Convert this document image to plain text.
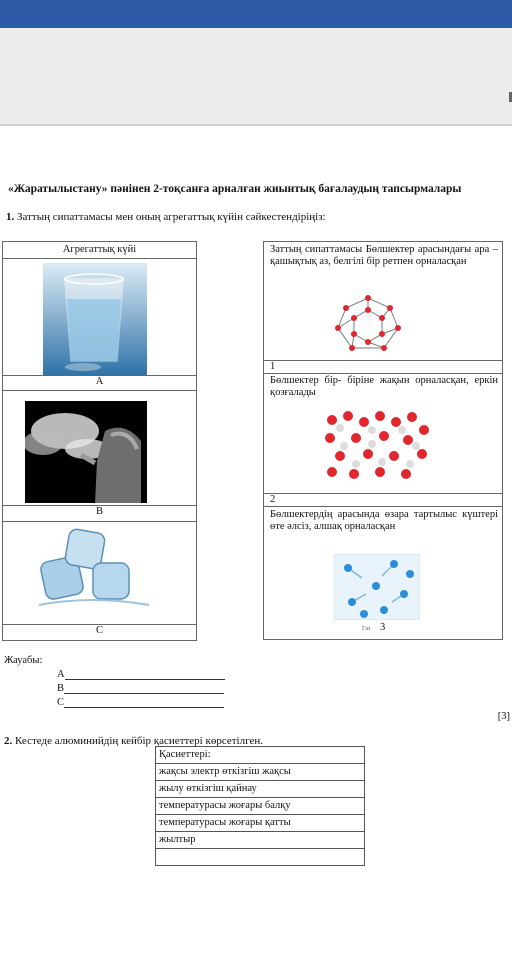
«Жаратылыстану» пәнінен 2-тоқсанға арналған жиынтық бағалаудың тапсырмалары
1. Заттың сипаттамасы мен оның агрегаттық күйін сәйкестендіріңіз:
Агрегаттық күйі
A
B
C
Заттың сипаттамасы Бөлшектер арасындағы ара – қашықтық аз, белгілі бір ретпен орналасқан
1
Бөлшектер бір- біріне жақын орналасқан, еркін қозғалады
2
Бөлшектердің арасында өзара тартылыс күштері өте әлсіз, алшақ орналасқан
Газ 3
Жауабы:
A
B
C
[3]
2. Кестеде алюминийдің кейбір қасиеттері көрсетілген.
Қасиеттері:
жақсы электр өткізгіш жақсы
жылу өткізгіш қайнау
температурасы жоғары балқу
температурасы жоғары қатты
жылтыр
